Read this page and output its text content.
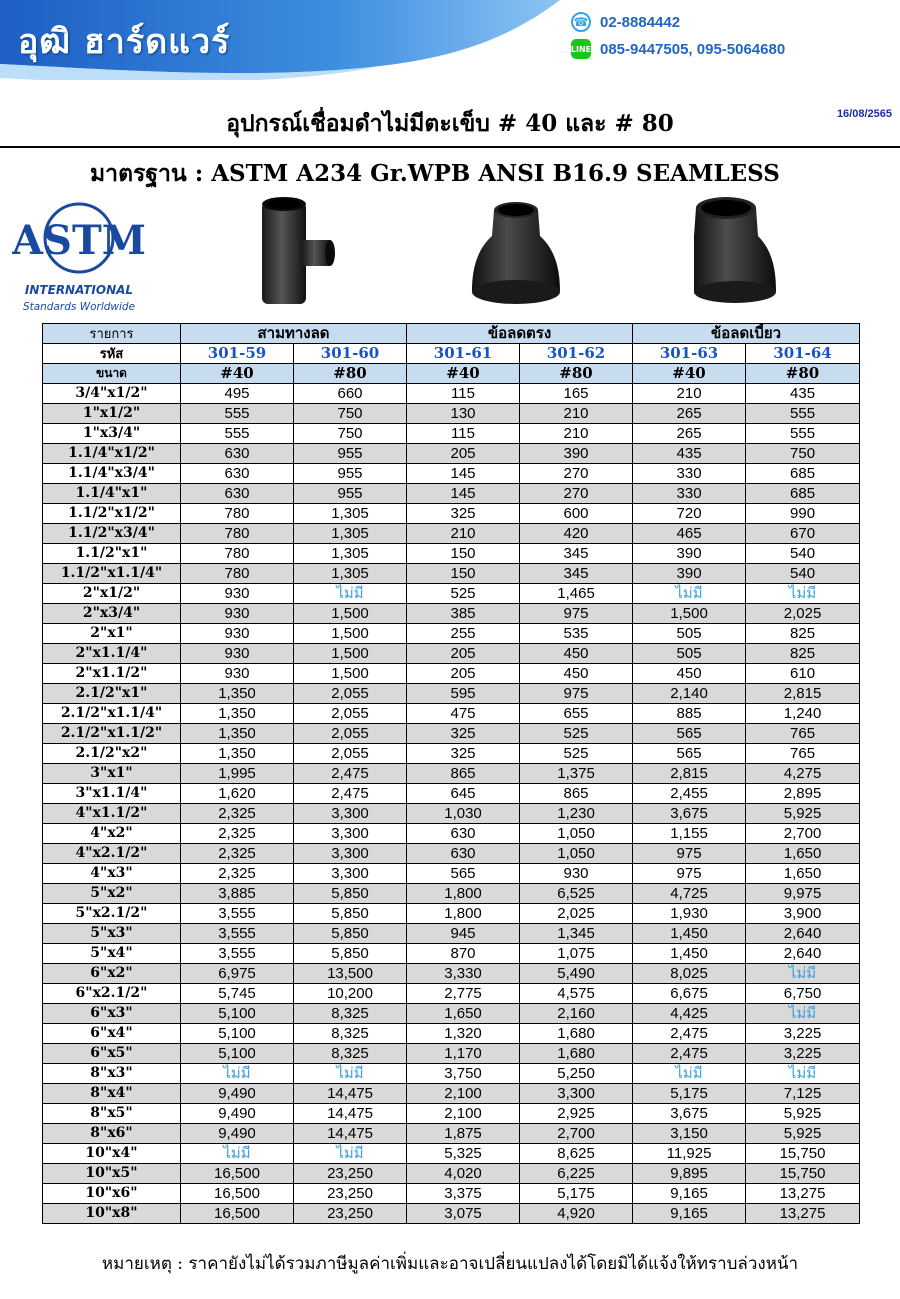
อุฒิ ฮาร์ดแวร์	☎ 02-8884442
LINE 085-9447505, 095-5064680
อุปกรณ์เชื่อมดำไม่มีตะเข็บ # 40 และ # 80	16/08/2565
มาตรฐาน : ASTM A234 Gr.WPB ANSI B16.9 SEAMLESS
ASTM
INTERNATIONAL
Standards Worldwide
รายการ	สามทางลด		ข้อลดตรง		ข้อลดเบี้ยว	
รหัส	301-59	301-60	301-61	301-62	301-63	301-64
ขนาด	#40	#80	#40	#80	#40	#80
3/4"x1/2"	495	660	115	165	210	435
1"x1/2"	555	750	130	210	265	555
1"x3/4"	555	750	115	210	265	555
1.1/4"x1/2"	630	955	205	390	435	750
1.1/4"x3/4"	630	955	145	270	330	685
1.1/4"x1"	630	955	145	270	330	685
1.1/2"x1/2"	780	1,305	325	600	720	990
1.1/2"x3/4"	780	1,305	210	420	465	670
1.1/2"x1"	780	1,305	150	345	390	540
1.1/2"x1.1/4"	780	1,305	150	345	390	540
2"x1/2"	930	ไม่มี	525	1,465	ไม่มี	ไม่มี
2"x3/4"	930	1,500	385	975	1,500	2,025
2"x1"	930	1,500	255	535	505	825
2"x1.1/4"	930	1,500	205	450	505	825
2"x1.1/2"	930	1,500	205	450	450	610
2.1/2"x1"	1,350	2,055	595	975	2,140	2,815
2.1/2"x1.1/4"	1,350	2,055	475	655	885	1,240
2.1/2"x1.1/2"	1,350	2,055	325	525	565	765
2.1/2"x2"	1,350	2,055	325	525	565	765
3"x1"	1,995	2,475	865	1,375	2,815	4,275
3"x1.1/4"	1,620	2,475	645	865	2,455	2,895
4"x1.1/2"	2,325	3,300	1,030	1,230	3,675	5,925
4"x2"	2,325	3,300	630	1,050	1,155	2,700
4"x2.1/2"	2,325	3,300	630	1,050	975	1,650
4"x3"	2,325	3,300	565	930	975	1,650
5"x2"	3,885	5,850	1,800	6,525	4,725	9,975
5"x2.1/2"	3,555	5,850	1,800	2,025	1,930	3,900
5"x3"	3,555	5,850	945	1,345	1,450	2,640
5"x4"	3,555	5,850	870	1,075	1,450	2,640
6"x2"	6,975	13,500	3,330	5,490	8,025	ไม่มี
6"x2.1/2"	5,745	10,200	2,775	4,575	6,675	6,750
6"x3"	5,100	8,325	1,650	2,160	4,425	ไม่มี
6"x4"	5,100	8,325	1,320	1,680	2,475	3,225
6"x5"	5,100	8,325	1,170	1,680	2,475	3,225
8"x3"	ไม่มี	ไม่มี	3,750	5,250	ไม่มี	ไม่มี
8"x4"	9,490	14,475	2,100	3,300	5,175	7,125
8"x5"	9,490	14,475	2,100	2,925	3,675	5,925
8"x6"	9,490	14,475	1,875	2,700	3,150	5,925
10"x4"	ไม่มี	ไม่มี	5,325	8,625	11,925	15,750
10"x5"	16,500	23,250	4,020	6,225	9,895	15,750
10"x6"	16,500	23,250	3,375	5,175	9,165	13,275
10"x8"	16,500	23,250	3,075	4,920	9,165	13,275
หมายเหตุ : ราคายังไม่ได้รวมภาษีมูลค่าเพิ่มและอาจเปลี่ยนแปลงได้โดยมิได้แจ้งให้ทราบล่วงหน้า
